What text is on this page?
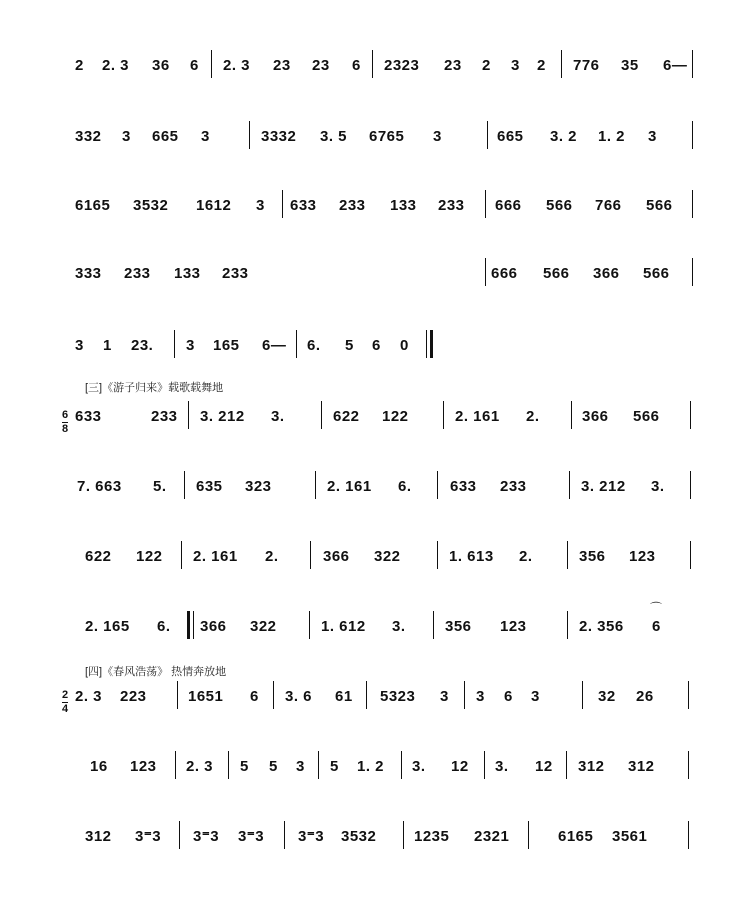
2 2. 3 36 6 2. 3 23 23 6 2323 23 2 3 2 776 35 6—
332 3 665 3	3332 3. 5 6765 3	665 3. 2 1. 2 3
6165 3532 1612 3 633 233 133 233 666 566 766 566
333 233 133 233	666 566 366 566
3 1 23. 3 165 6— 6. 5 6 0
633	233 3. 212 3.	622 122	2. 161 2.	366 566
7. 663 5. 635 323	2. 161 6.	633 233	3. 212 3.
622 122 2. 161 2.	366 322	1. 613 2.	356 123
2. 165 6. 366 322	1. 612 3.	356 123	2. 356 6
⌒
2. 3 223	1651 6 3. 6 61 5323 3 3 6 3	32 26
16 123 2. 3 5 5 3 5 1. 2 3. 12 3. 12 312 312
312 3⁼3 3⁼3 3⁼3 3⁼3 3532	1235 2321	6165 3561
[三]《游子归来》载歌载舞地
$\frac{6}{8}$
[四]《春风浩荡》 热情奔放地
$\frac{2}{4}$
